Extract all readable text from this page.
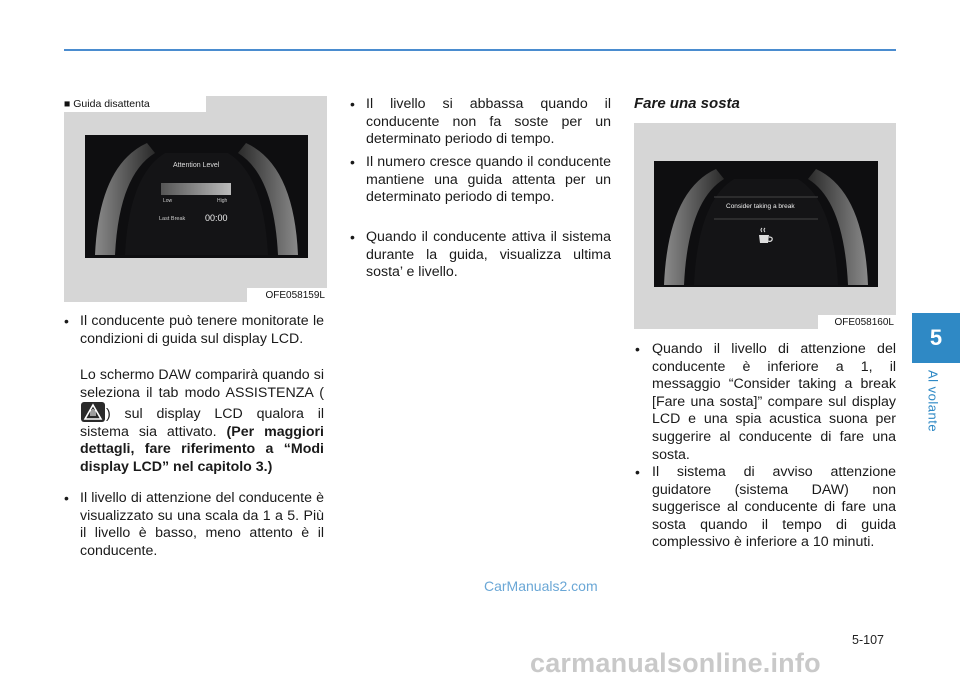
5
Al volante
■ Guida disattenta
Attention Level
Low	High
Last Break 00:00
OFE058159L
• Il conducente può tenere monitorate le condizioni di guida sul display LCD.
Lo schermo DAW comparirà quando si seleziona il tab modo ASSISTENZA () sul display LCD qualora il sistema sia attivato. (Per maggiori dettagli, fare riferimento a “Modi display LCD” nel capitolo 3.)
• Il livello di attenzione del conducente è visualizzato su una scala da 1 a 5. Più il livello è basso, meno attento è il conducente.
• Il livello si abbassa quando il conducente non fa soste per un determinato periodo di tempo.
• Il numero cresce quando il conducente mantiene una guida attenta per un determinato periodo di tempo.
• Quando il conducente attiva il sistema durante la guida, visualizza ultima sosta’ e livello.
Fare una sosta
Consider taking a break
OFE058160L
• Quando il livello di attenzione del conducente è inferiore a 1, il messaggio “Consider taking a break [Fare una sosta]” compare sul display LCD e una spia acustica suona per suggerire al conducente di fare una sosta.
• Il sistema di avviso attenzione guidatore (sistema DAW) non suggerisce al conducente di fare una sosta quando il tempo di guida complessivo è inferiore a 10 minuti.
5-107
CarManuals2.com
carmanualsonline.info
